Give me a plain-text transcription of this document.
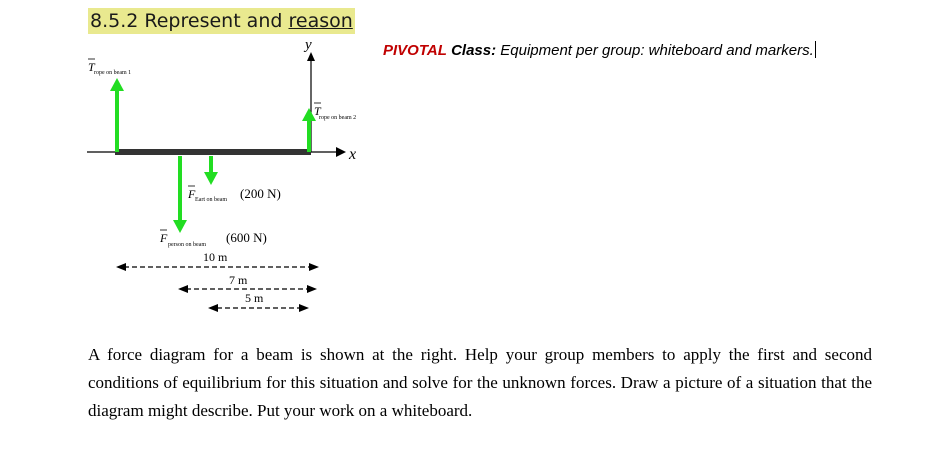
8.5.2 Represent and reason
PIVOTAL Class: Equipment per group: whiteboard and markers.
y
x
T rope on beam 1
T
rope on beam 2
F Eart on beam (200 N)
F person on beam (600 N)
10 m
7 m
5 m
A force diagram for a beam is shown at the right. Help your group members to apply the first and second conditions of equilibrium for this situation and solve for the unknown forces. Draw a picture of a situation that the diagram might describe. Put your work on a whiteboard.
